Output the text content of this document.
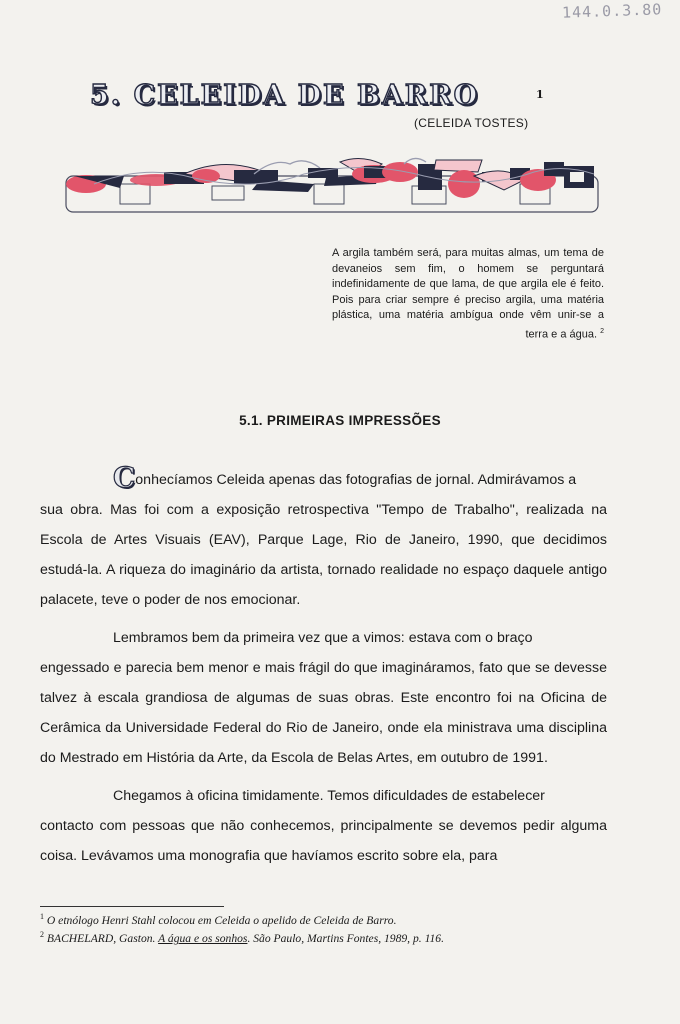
144.0.3.80
5. CELEIDA DE BARRO	1
(CELEIDA TOSTES)
A argila também será, para muitas almas, um tema de devaneios sem fim, o homem se perguntará indefinidamente de que lama, de que argila ele é feito. Pois para criar sempre é preciso argila, uma matéria plástica, uma matéria ambígua onde vêm unir-se a terra e a água. $^2$
5.1. PRIMEIRAS IMPRESSÕES

Conhecíamos Celeida apenas das fotografias de jornal. Admirávamos a

sua obra. Mas foi com a exposição retrospectiva "Tempo de Trabalho", realizada na Escola de Artes Visuais (EAV), Parque Lage, Rio de Janeiro, 1990, que decidimos estudá-la. A riqueza do imaginário da artista, tornado realidade no espaço daquele antigo palacete, teve o poder de nos emocionar.

Lembramos bem da primeira vez que a vimos: estava com o braço

engessado e parecia bem menor e mais frágil do que imagináramos, fato que se devesse talvez à escala grandiosa de algumas de suas obras. Este encontro foi na Oficina de Cerâmica da Universidade Federal do Rio de Janeiro, onde ela ministrava uma disciplina do Mestrado em História da Arte, da Escola de Belas Artes, em outubro de 1991.

Chegamos à oficina timidamente. Temos dificuldades de estabelecer

contacto com pessoas que não conhecemos, principalmente se devemos pedir alguma coisa. Levávamos uma monografia que havíamos escrito sobre ela, para

$^1$ O etnólogo Henri Stahl colocou em Celeida o apelido de Celeida de Barro.
$^2$ BACHELARD, Gaston. A água e os sonhos. São Paulo, Martins Fontes, 1989, p. 116.
